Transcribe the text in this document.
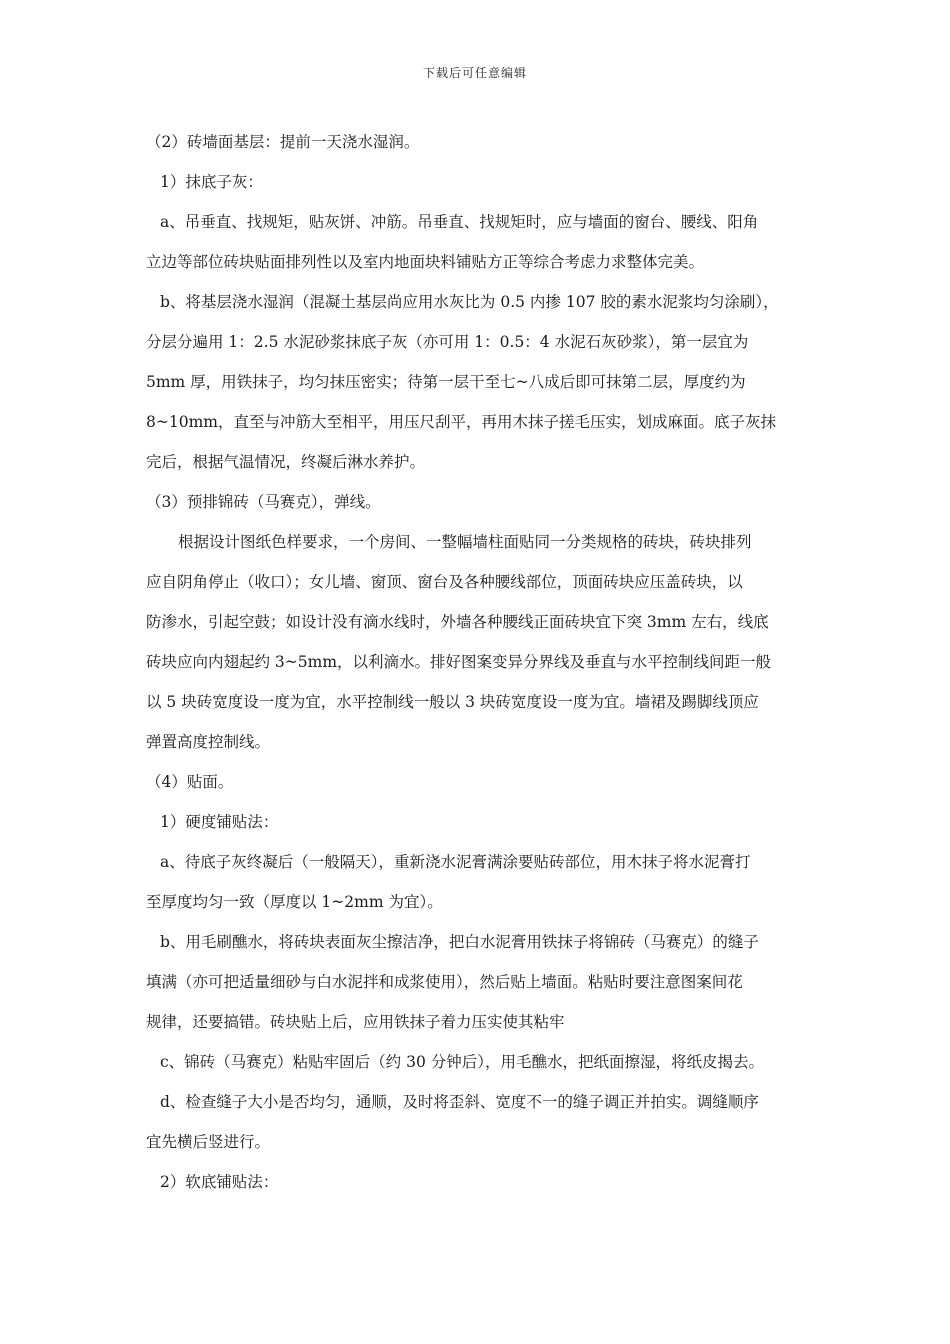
下载后可任意编辑
（2）砖墙面基层：提前一天浇水湿润。
1）抹底子灰：
a、吊垂直、找规矩，贴灰饼、冲筋。吊垂直、找规矩时，应与墙面的窗台、腰线、阳角
立边等部位砖块贴面排列性以及室内地面块料铺贴方正等综合考虑力求整体完美。
b、将基层浇水湿润（混凝土基层尚应用水灰比为 0.5 内掺 107 胶的素水泥浆均匀涂刷），
分层分遍用 1：2.5 水泥砂浆抹底子灰（亦可用 1：0.5：4 水泥石灰砂浆），第一层宜为
5mm 厚，用铁抹子，均匀抹压密实；待第一层干至七~八成后即可抹第二层，厚度约为
8~10mm，直至与冲筋大至相平，用压尺刮平，再用木抹子搓毛压实，划成麻面。底子灰抹
完后，根据气温情况，终凝后淋水养护。
（3）预排锦砖（马赛克），弹线。
根据设计图纸色样要求，一个房间、一整幅墙柱面贴同一分类规格的砖块，砖块排列
应自阴角停止（收口）；女儿墙、窗顶、窗台及各种腰线部位，顶面砖块应压盖砖块，以
防渗水，引起空鼓；如设计没有滴水线时，外墙各种腰线正面砖块宜下突 3mm 左右，线底
砖块应向内翅起约 3~5mm，以利滴水。排好图案变异分界线及垂直与水平控制线间距一般
以 5 块砖宽度设一度为宜，水平控制线一般以 3 块砖宽度设一度为宜。墙裙及踢脚线顶应
弹置高度控制线。
（4）贴面。
1）硬度铺贴法：
a、待底子灰终凝后（一般隔天），重新浇水泥膏满涂要贴砖部位，用木抹子将水泥膏打
至厚度均匀一致（厚度以 1~2mm 为宜）。
b、用毛刷醮水，将砖块表面灰尘擦洁净，把白水泥膏用铁抹子将锦砖（马赛克）的缝子
填满（亦可把适量细砂与白水泥拌和成浆使用），然后贴上墙面。粘贴时要注意图案间花
规律，还要搞错。砖块贴上后，应用铁抹子着力压实使其粘牢
c、锦砖（马赛克）粘贴牢固后（约 30 分钟后），用毛醮水，把纸面擦湿，将纸皮揭去。
d、检查缝子大小是否均匀，通顺，及时将歪斜、宽度不一的缝子调正并拍实。调缝顺序
宜先横后竖进行。
2）软底铺贴法：
